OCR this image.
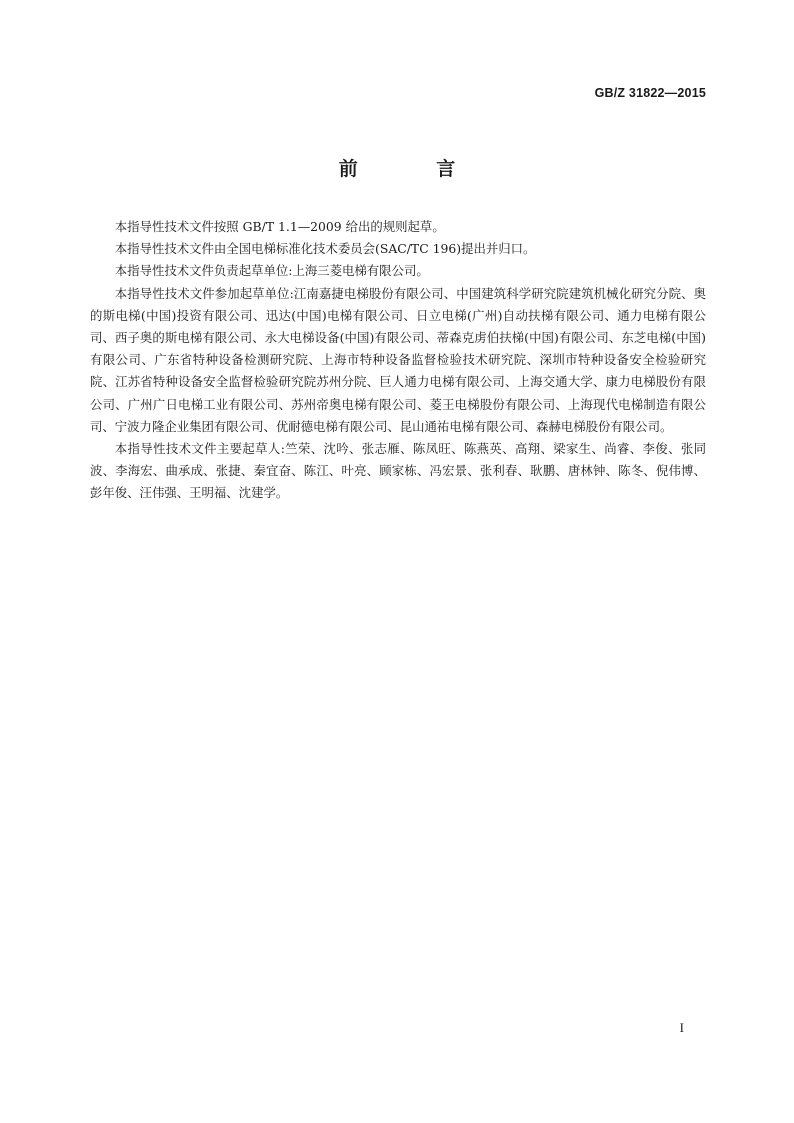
GB/Z 31822—2015
前 言

本指导性技术文件按照 GB/T 1.1—2009 给出的规则起草。

本指导性技术文件由全国电梯标准化技术委员会(SAC/TC 196)提出并归口。

本指导性技术文件负责起草单位:上海三菱电梯有限公司。

本指导性技术文件参加起草单位:江南嘉捷电梯股份有限公司、中国建筑科学研究院建筑机械化研究分院、奥的斯电梯(中国)投资有限公司、迅达(中国)电梯有限公司、日立电梯(广州)自动扶梯有限公司、通力电梯有限公司、西子奥的斯电梯有限公司、永大电梯设备(中国)有限公司、蒂森克虏伯扶梯(中国)有限公司、东芝电梯(中国)有限公司、广东省特种设备检测研究院、上海市特种设备监督检验技术研究院、深圳市特种设备安全检验研究院、江苏省特种设备安全监督检验研究院苏州分院、巨人通力电梯有限公司、上海交通大学、康力电梯股份有限公司、广州广日电梯工业有限公司、苏州帝奥电梯有限公司、菱王电梯股份有限公司、上海现代电梯制造有限公司、宁波力隆企业集团有限公司、优耐德电梯有限公司、昆山通祐电梯有限公司、森赫电梯股份有限公司。

本指导性技术文件主要起草人:竺荣、沈吟、张志雁、陈凤旺、陈燕英、高翔、梁家生、尚睿、李俊、张同波、李海宏、曲承成、张捷、秦宜奋、陈江、叶亮、顾家栋、冯宏景、张利春、耿鹏、唐林钟、陈冬、倪伟博、彭年俊、汪伟强、王明福、沈建学。

I
